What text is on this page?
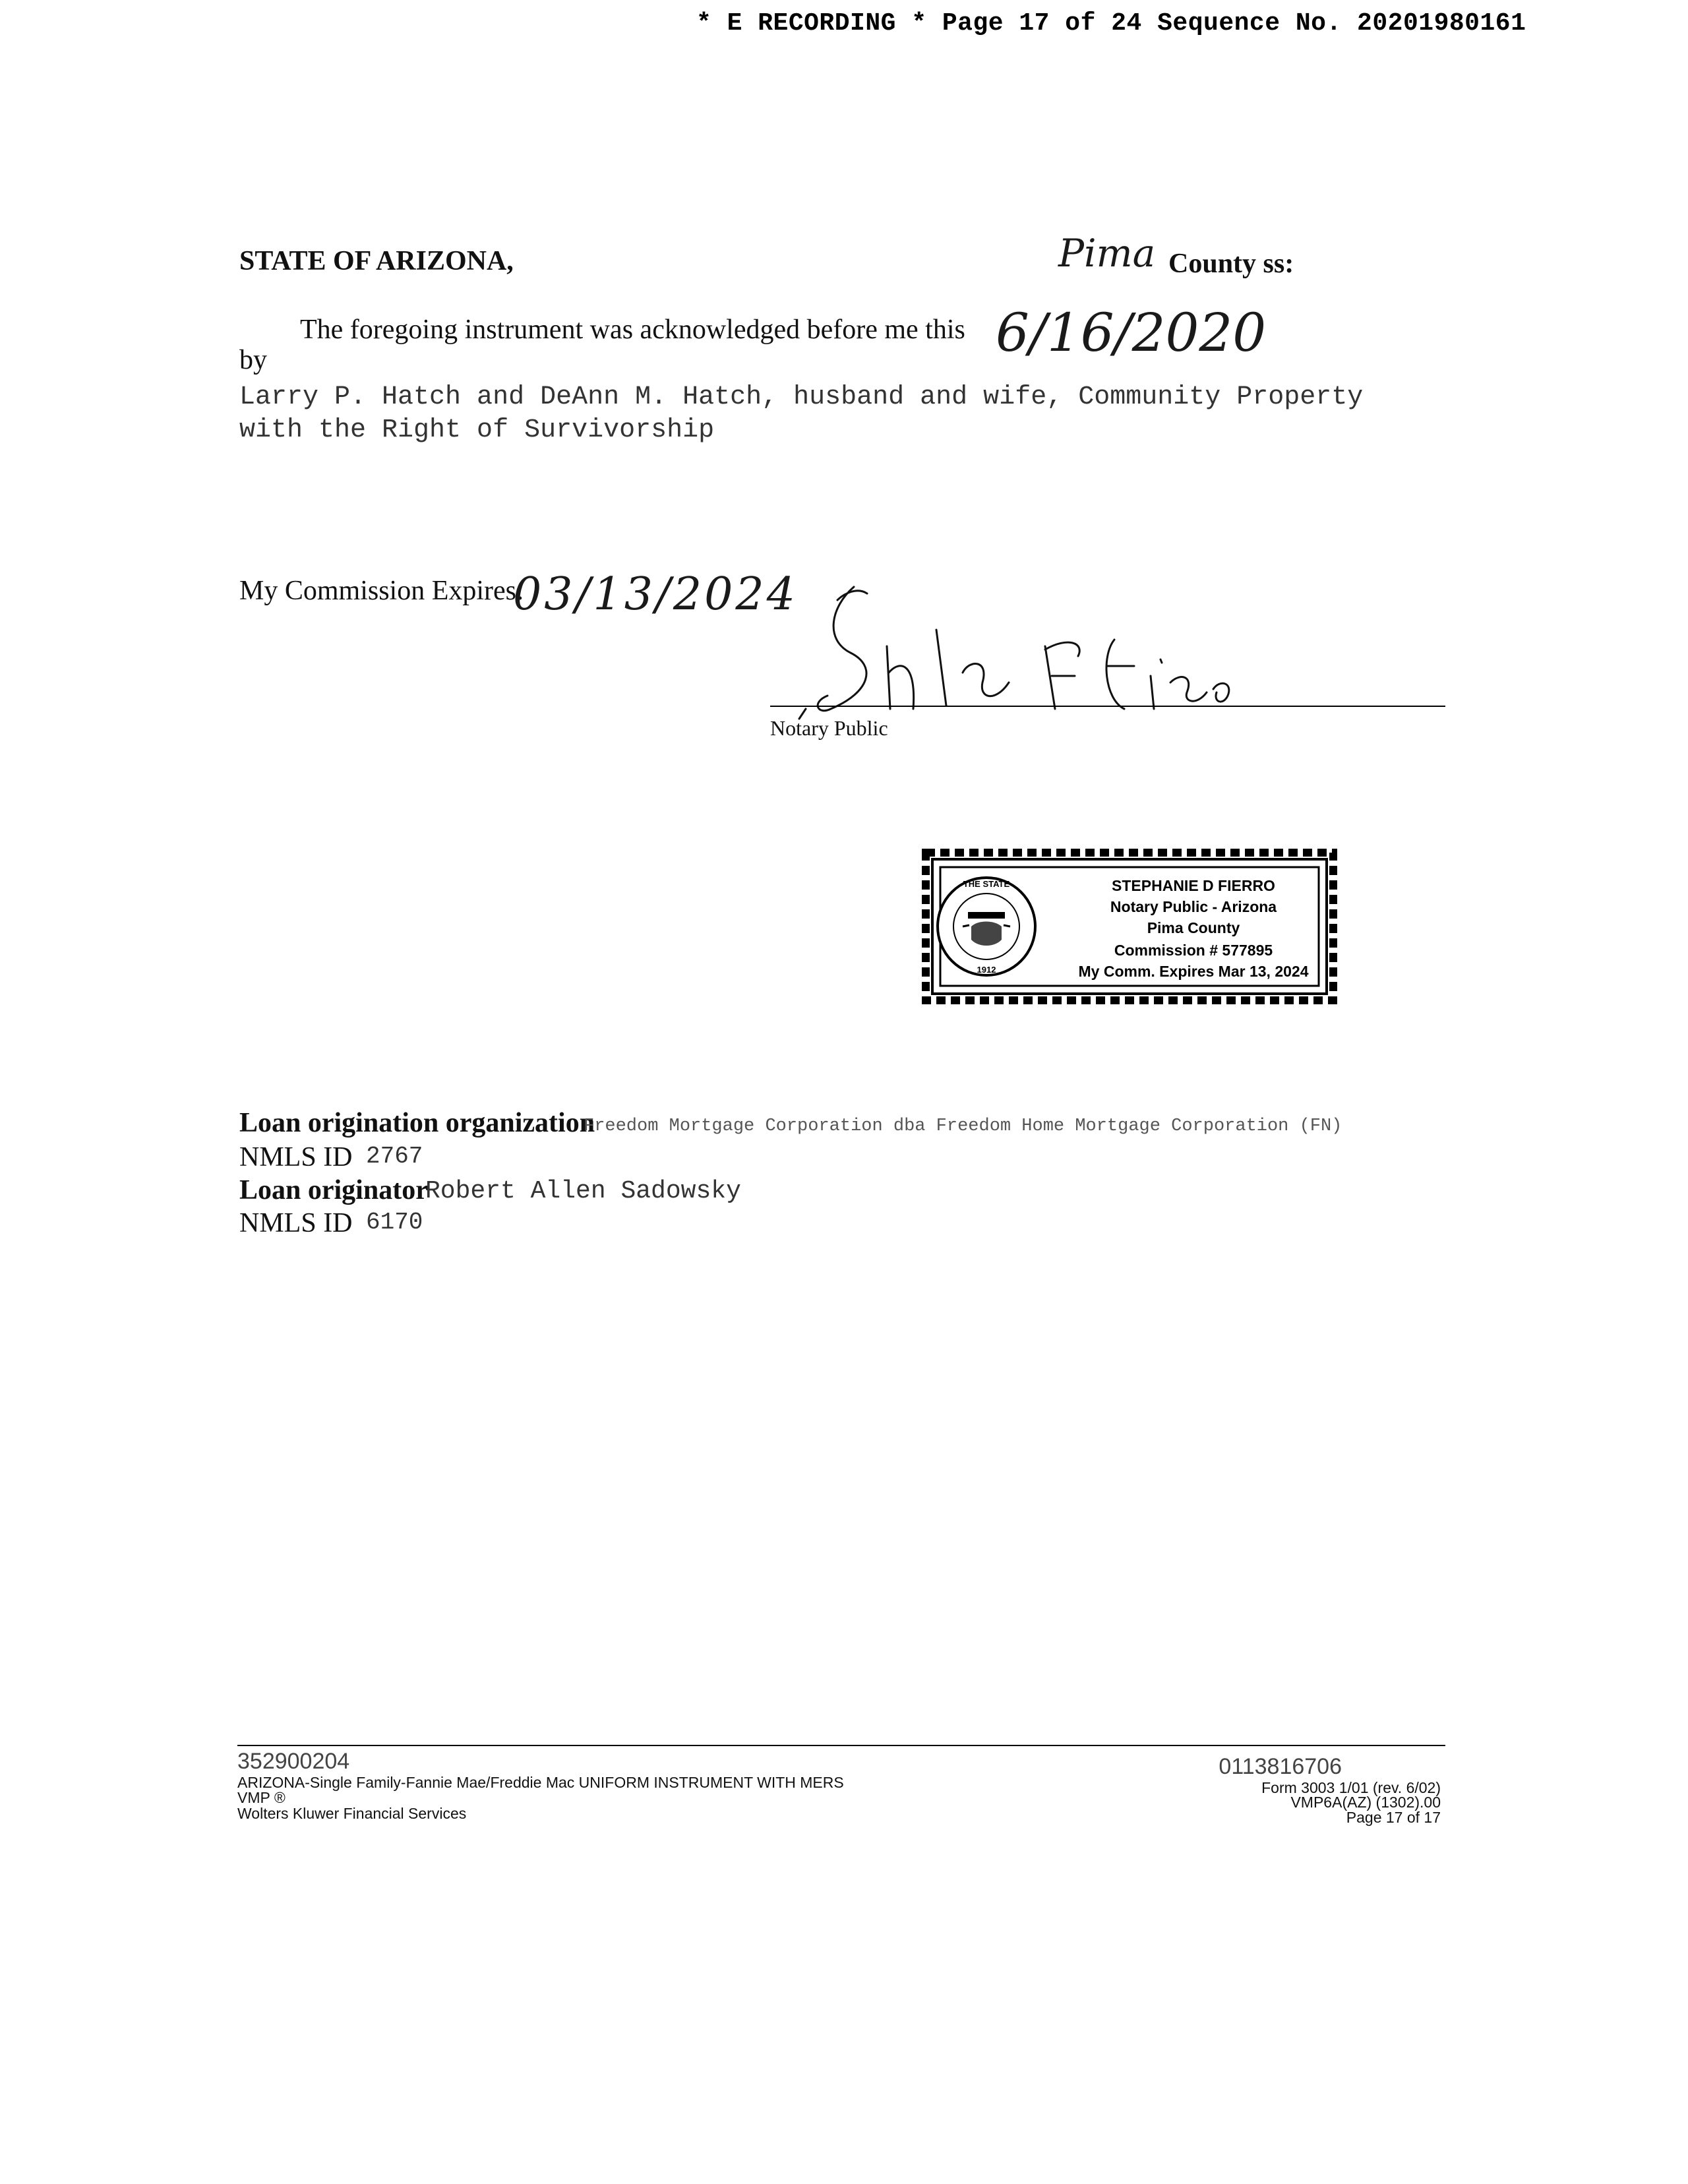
* E RECORDING * Page 17 of 24 Sequence No. 20201980161
STATE OF ARIZONA,	Pima County ss:
The foregoing instrument was acknowledged before me this 6/16/2020
by
Larry P. Hatch and DeAnn M. Hatch, husband and wife, Community Property
with the Right of Survivorship
My Commission Expires:
03/13/2024
Notary Public
THE STATE
1912
STEPHANIE D FIERRO
Notary Public - Arizona
Pima County
Commission # 577895
My Comm. Expires Mar 13, 2024
Loan origination organization
Freedom Mortgage Corporation dba Freedom Home Mortgage Corporation (FN)
NMLS ID 2767
Loan originator
Robert Allen Sadowsky
NMLS ID 6170
352900204
ARIZONA-Single Family-Fannie Mae/Freddie Mac UNIFORM INSTRUMENT WITH MERS
VMP ®
Wolters Kluwer Financial Services
0113816706
Form 3003 1/01 (rev. 6/02)
VMP6A(AZ) (1302).00
Page 17 of 17
